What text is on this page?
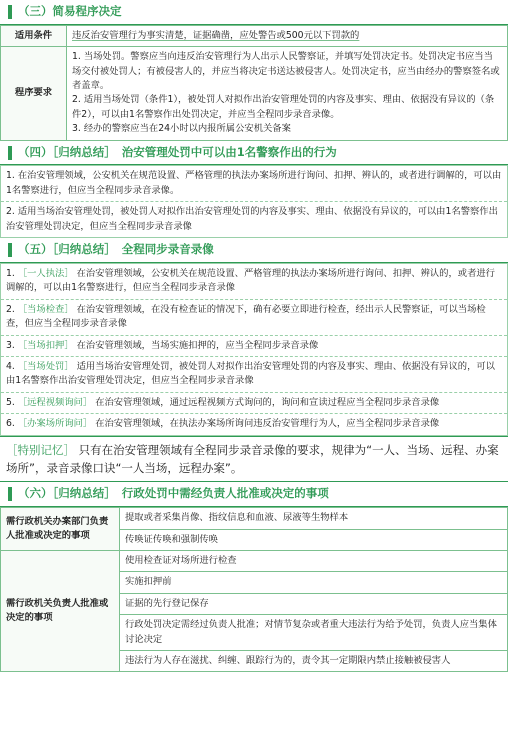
（三）简易程序决定
适用条件	违反治安管理行为事实清楚，证据确凿，应处警告或500元以下罚款的
程序要求	1. 当场处罚。警察应当向违反治安管理行为人出示人民警察证，并填写处罚决定书。处罚决定书应当当场交付被处罚人；有被侵害人的，并应当将决定书送达被侵害人。处罚决定书，应当由经办的警察签名或者盖章。
2. 适用当场处罚（条件1），被处罚人对拟作出治安管理处罚的内容及事实、理由、依据没有异议的（条件2），可以由1名警察作出处罚决定，并应当全程同步录音录像。
3. 经办的警察应当在24小时以内报所属公安机关备案
（四）［归纳总结］ 治安管理处罚中可以由1名警察作出的行为
1. 在治安管理领域，公安机关在规范设置、严格管理的执法办案场所进行询问、扣押、辨认的，或者进行调解的，可以由1名警察进行，但应当全程同步录音录像。
2. 适用当场治安管理处罚，被处罚人对拟作出治安管理处罚的内容及事实、理由、依据没有异议的，可以由1名警察作出治安管理处罚决定，但应当全程同步录音录像
（五）［归纳总结］ 全程同步录音录像
1. ［一人执法］ 在治安管理领域，公安机关在规范设置、严格管理的执法办案场所进行询问、扣押、辨认的，或者进行调解的，可以由1名警察进行，但应当全程同步录音录像
2. ［当场检查］ 在治安管理领域，在没有检查证的情况下，确有必要立即进行检查，经出示人民警察证，可以当场检查，但应当全程同步录音录像
3. ［当场扣押］ 在治安管理领域，当场实施扣押的，应当全程同步录音录像
4. ［当场处罚］ 适用当场治安管理处罚，被处罚人对拟作出治安管理处罚的内容及事实、理由、依据没有异议的，可以由1名警察作出治安管理处罚决定，但应当全程同步录音录像
5. ［远程视频询问］ 在治安管理领域，通过远程视频方式询问的，询问和宣读过程应当全程同步录音录像
6. ［办案场所询问］ 在治安管理领域，在执法办案场所询问违反治安管理行为人，应当全程同步录音录像
［特别记忆］ 只有在治安管理领域有全程同步录音录像的要求，规律为“一人、当场、远程、办案场所”，录音录像口诀“一人当场，远程办案”。
（六）［归纳总结］ 行政处罚中需经负责人批准或决定的事项
需行政机关办案部门负责人批准或决定的事项	提取或者采集肖像、指纹信息和血液、尿液等生物样本
	传唤证传唤和强制传唤
需行政机关负责人批准或决定的事项	使用检查证对场所进行检查
	实施扣押前
	证据的先行登记保存
	行政处罚决定需经过负责人批准；对情节复杂或者重大违法行为给予处罚，负责人应当集体讨论决定
	违法行为人存在滋扰、纠缠、跟踪行为的，责令其一定期限内禁止接触被侵害人
